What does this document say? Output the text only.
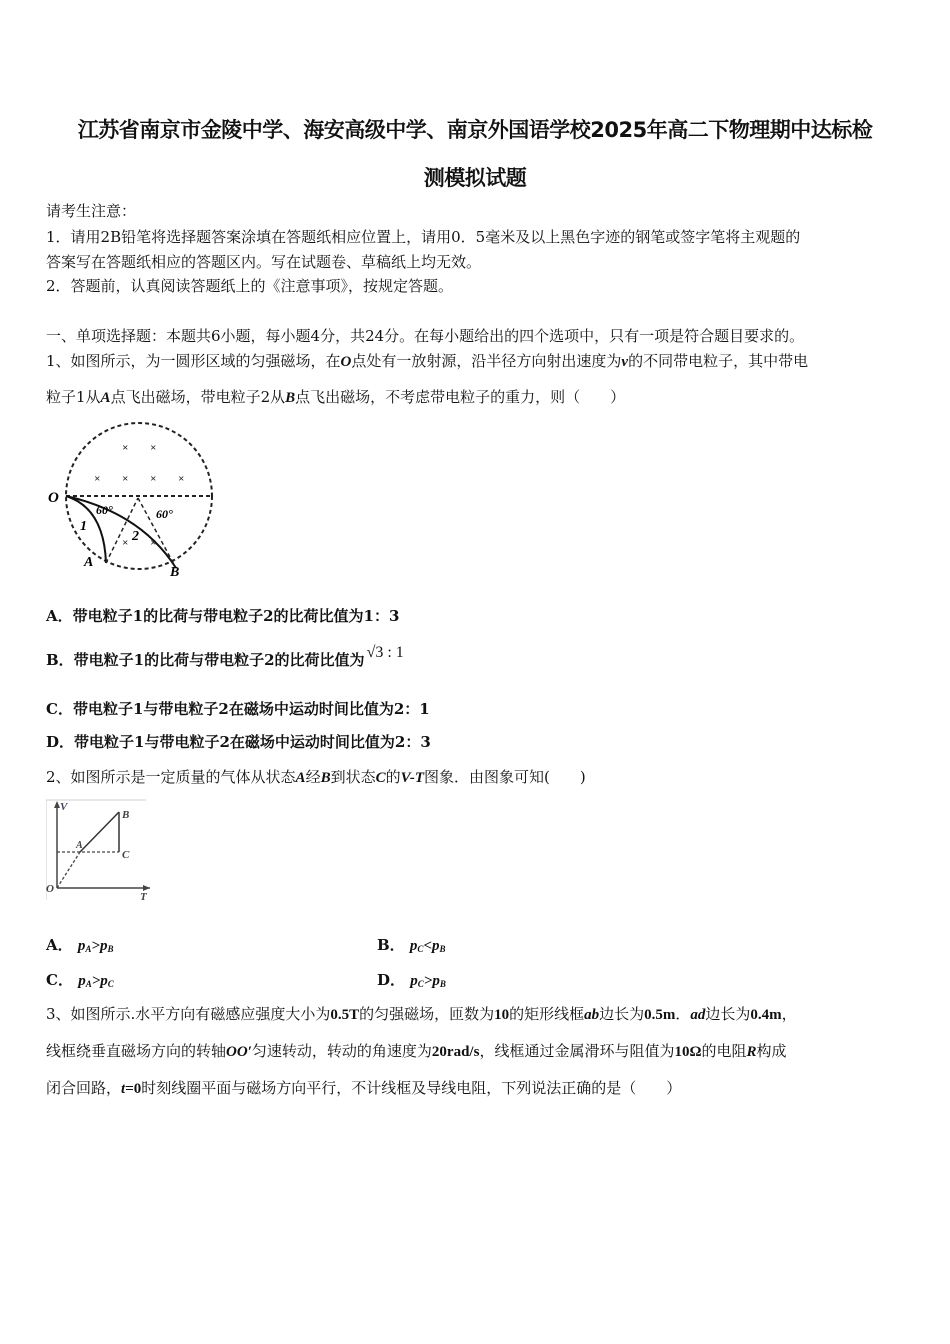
江苏省南京市金陵中学、海安高级中学、南京外国语学校2025年高二下物理期中达标检
测模拟试题
请考生注意：
1．请用2B铅笔将选择题答案涂填在答题纸相应位置上，请用0．5毫米及以上黑色字迹的钢笔或签字笔将主观题的
答案写在答题纸相应的答题区内。写在试题卷、草稿纸上均无效。
2．答题前，认真阅读答题纸上的《注意事项》，按规定答题。
一、单项选择题：本题共6小题，每小题4分，共24分。在每小题给出的四个选项中，只有一项是符合题目要求的。
1、如图所示，为一圆形区域的匀强磁场，在O点处有一放射源，沿半径方向射出速度为v的不同带电粒子，其中带电
粒子1从A点飞出磁场，带电粒子2从B点飞出磁场，不考虑带电粒子的重力，则（　　）
× ×
× × × ×
× ×
O
A
B
1
2
60°	60°
A．带电粒子1的比荷与带电粒子2的比荷比值为1：3
B．带电粒子1的比荷与带电粒子2的比荷比值为 √3 : 1
C．带电粒子1与带电粒子2在磁场中运动时间比值为2：1
D．带电粒子1与带电粒子2在磁场中运动时间比值为2：3
2、如图所示是一定质量的气体从状态A经B到状态C的V-T图象．由图象可知(　　)
V
T
O
A
B
C
A． $p_A>p_B$	B． $p_C<p_B$
C． $p_A>p_C$	D． $p_C>p_B$
3、如图所示.水平方向有磁感应强度大小为0.5T的匀强磁场，匝数为10的矩形线框ab边长为0.5m．ad边长为0.4m，
线框绕垂直磁场方向的转轴OO′匀速转动，转动的角速度为20rad/s，线框通过金属滑环与阻值为10Ω的电阻R构成
闭合回路，t=0时刻线圈平面与磁场方向平行，不计线框及导线电阻，下列说法正确的是（　　）
